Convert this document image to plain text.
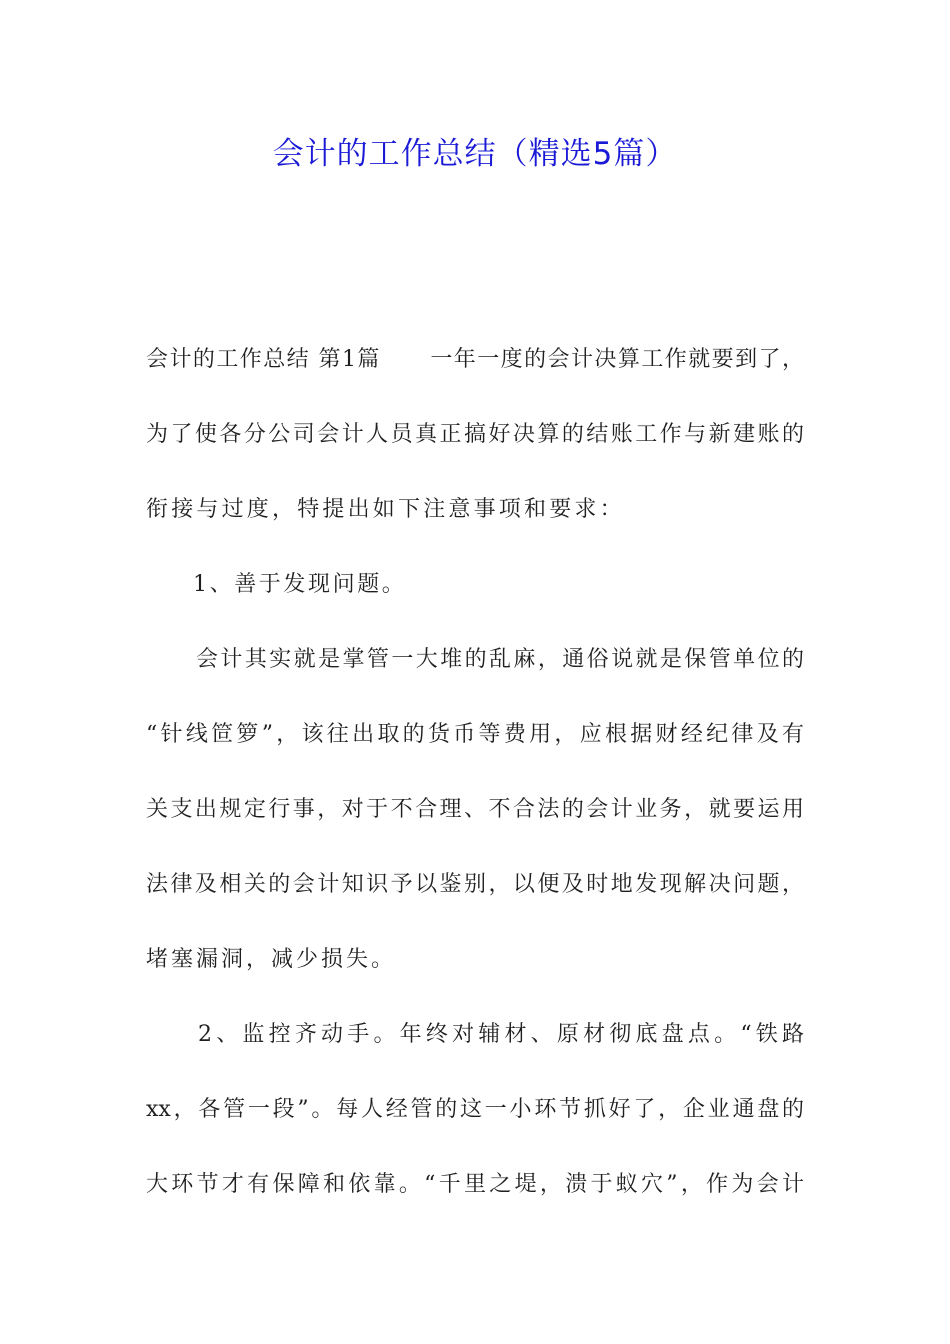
会计的工作总结（精选5篇）
会计的工作总结 第1篇 一年一度的会计决算工作就要到了，
为了使各分公司会计人员真正搞好决算的结账工作与新建账的
衔接与过度，特提出如下注意事项和要求：
1、善于发现问题。
会计其实就是掌管一大堆的乱麻，通俗说就是保管单位的
“针线笸箩”，该往出取的货币等费用，应根据财经纪律及有
关支出规定行事，对于不合理、不合法的会计业务，就要运用
法律及相关的会计知识予以鉴别，以便及时地发现解决问题，
堵塞漏洞，减少损失。
2、监控齐动手。年终对辅材、原材彻底盘点。“铁路
xx，各管一段”。每人经管的这一小环节抓好了，企业通盘的
大环节才有保障和依靠。“千里之堤，溃于蚁穴”，作为会计
